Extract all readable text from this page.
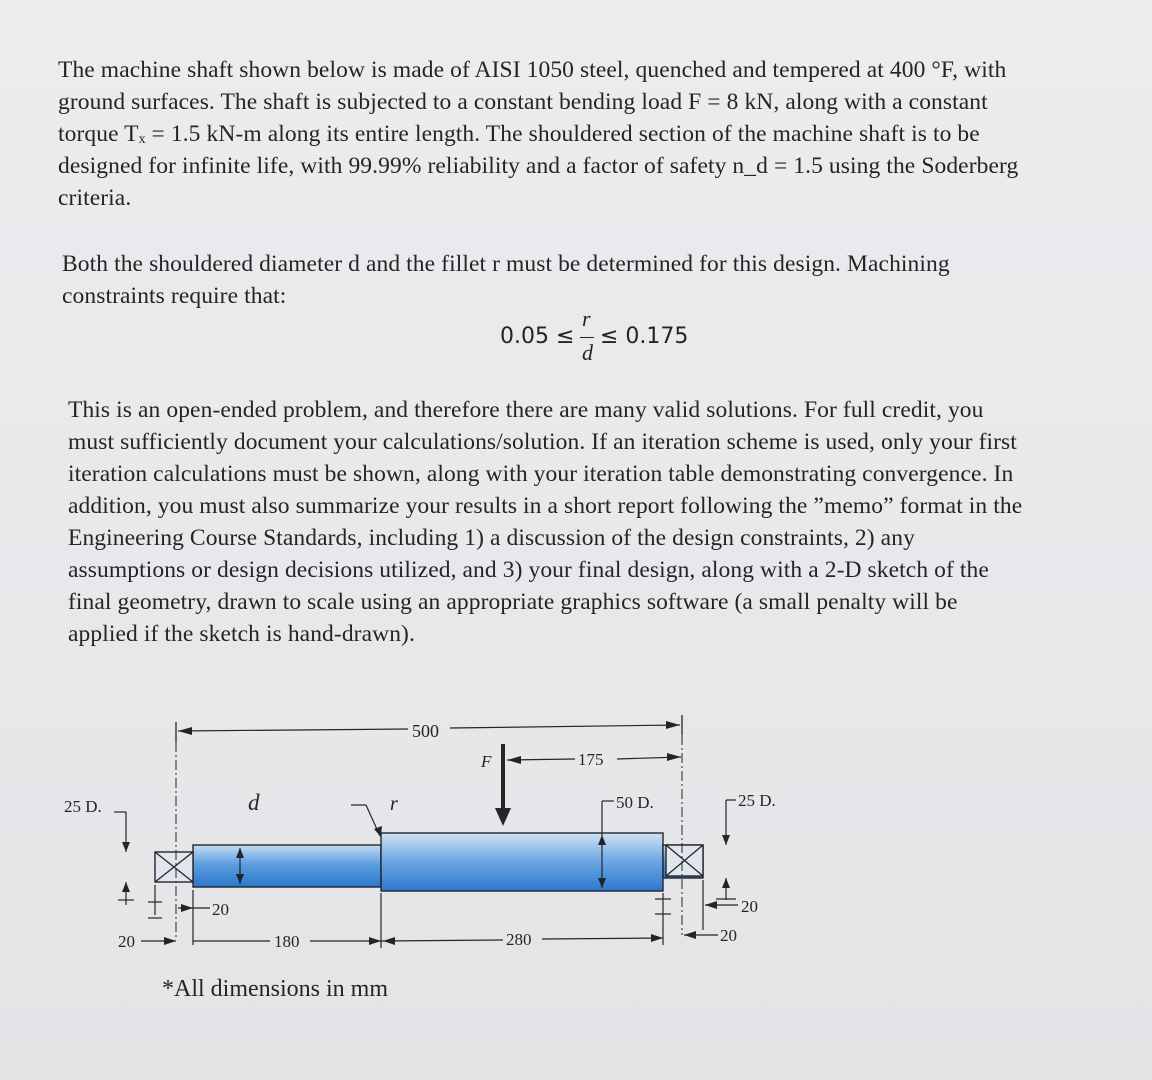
The machine shaft shown below is made of AISI 1050 steel, quenched and tempered at 400 °F, with
ground surfaces. The shaft is subjected to a constant bending load F = 8 kN, along with a constant
torque Tₓ = 1.5 kN-m along its entire length. The shouldered section of the machine shaft is to be
designed for infinite life, with 99.99% reliability and a factor of safety n_d = 1.5 using the Soderberg
criteria.
Both the shouldered diameter d and the fillet r must be determined for this design. Machining
constraints require that:
0.05 ≤
r
d
≤ 0.175
This is an open-ended problem, and therefore there are many valid solutions. For full credit, you
must sufficiently document your calculations/solution. If an iteration scheme is used, only your first
iteration calculations must be shown, along with your iteration table demonstrating convergence. In
addition, you must also summarize your results in a short report following the ”memo” format in the
Engineering Course Standards, including 1) a discussion of the design constraints, 2) any
assumptions or design decisions utilized, and 3) your final design, along with a 2-D sketch of the
final geometry, drawn to scale using an appropriate graphics software (a small penalty will be
applied if the sketch is hand-drawn).
500
F	175
d	r
25 D.	50 D.	25 D.
20
20	180	280
20
20
*All dimensions in mm
